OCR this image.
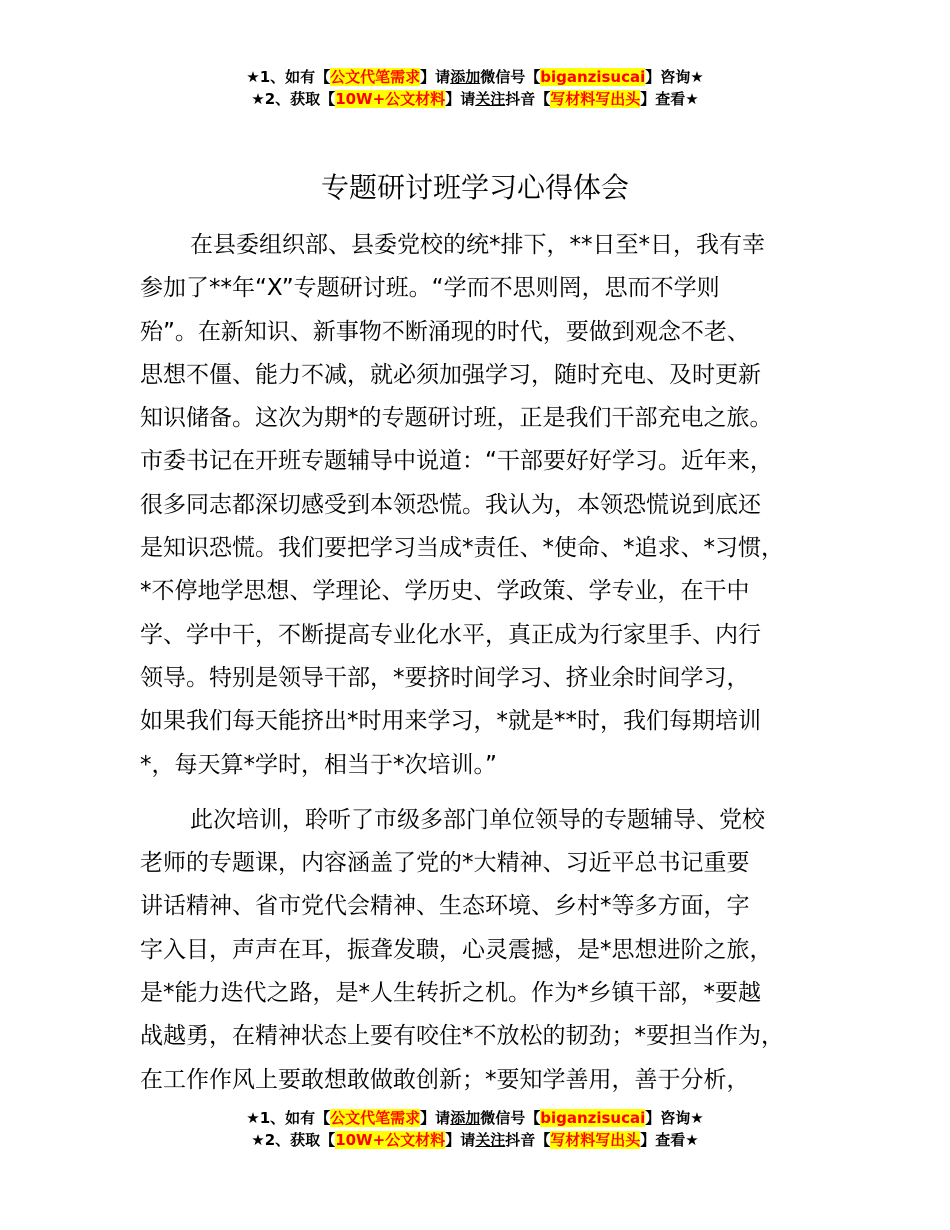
★1、如有【公文代笔需求】请添加微信号【biganzisucai】咨询★
★2、获取【10W+公文材料】请关注抖音【写材料写出头】查看★
专题研讨班学习心得体会

在县委组织部、县委党校的统*排下，**日至*日，我有幸
参加了**年“X”专题研讨班。“学而不思则罔，思而不学则
殆”。在新知识、新事物不断涌现的时代，要做到观念不老、
思想不僵、能力不减，就必须加强学习，随时充电、及时更新
知识储备。这次为期*的专题研讨班，正是我们干部充电之旅。
市委书记在开班专题辅导中说道：“干部要好好学习。近年来，
很多同志都深切感受到本领恐慌。我认为，本领恐慌说到底还
是知识恐慌。我们要把学习当成*责任、*使命、*追求、*习惯，
*不停地学思想、学理论、学历史、学政策、学专业，在干中
学、学中干，不断提高专业化水平，真正成为行家里手、内行
领导。特别是领导干部，*要挤时间学习、挤业余时间学习，
如果我们每天能挤出*时用来学习，*就是**时，我们每期培训
*，每天算*学时，相当于*次培训。”

此次培训，聆听了市级多部门单位领导的专题辅导、党校
老师的专题课，内容涵盖了党的*大精神、习近平总书记重要
讲话精神、省市党代会精神、生态环境、乡村*等多方面，字
字入目，声声在耳，振聋发聩，心灵震撼，是*思想进阶之旅，
是*能力迭代之路，是*人生转折之机。作为*乡镇干部，*要越
战越勇，在精神状态上要有咬住*不放松的韧劲；*要担当作为，
在工作作风上要敢想敢做敢创新；*要知学善用，善于分析，

★1、如有【公文代笔需求】请添加微信号【biganzisucai】咨询★
★2、获取【10W+公文材料】请关注抖音【写材料写出头】查看★
